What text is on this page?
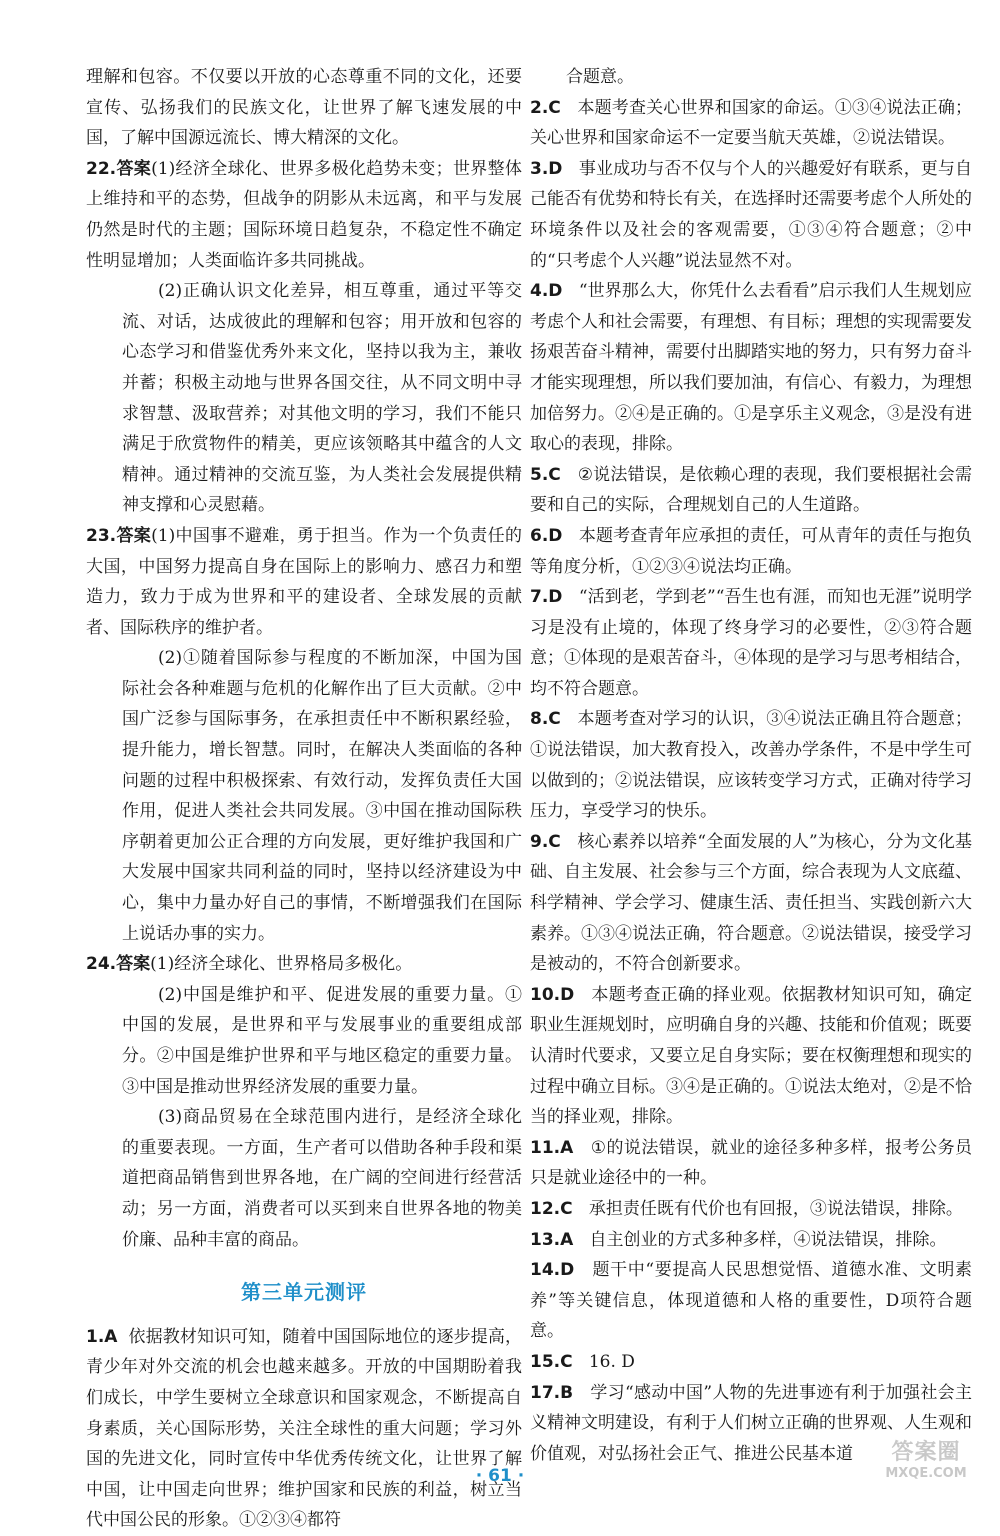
理解和包容。不仅要以开放的心态尊重不同的文化，还要宣传、弘扬我们的民族文化，让世界了解飞速发展的中国，了解中国源远流长、博大精深的文化。

22.答案(1)经济全球化、世界多极化趋势未变；世界整体上维持和平的态势，但战争的阴影从未远离，和平与发展仍然是时代的主题；国际环境日趋复杂，不稳定性不确定性明显增加；人类面临许多共同挑战。

(2)正确认识文化差异，相互尊重，通过平等交流、对话，达成彼此的理解和包容；用开放和包容的心态学习和借鉴优秀外来文化，坚持以我为主，兼收并蓄；积极主动地与世界各国交往，从不同文明中寻求智慧、汲取营养；对其他文明的学习，我们不能只满足于欣赏物件的精美，更应该领略其中蕴含的人文精神。通过精神的交流互鉴，为人类社会发展提供精神支撑和心灵慰藉。

23.答案(1)中国事不避难，勇于担当。作为一个负责任的大国，中国努力提高自身在国际上的影响力、感召力和塑造力，致力于成为世界和平的建设者、全球发展的贡献者、国际秩序的维护者。

(2)①随着国际参与程度的不断加深，中国为国际社会各种难题与危机的化解作出了巨大贡献。②中国广泛参与国际事务，在承担责任中不断积累经验，提升能力，增长智慧。同时，在解决人类面临的各种问题的过程中积极探索、有效行动，发挥负责任大国作用，促进人类社会共同发展。③中国在推动国际秩序朝着更加公正合理的方向发展，更好维护我国和广大发展中国家共同利益的同时，坚持以经济建设为中心，集中力量办好自己的事情，不断增强我们在国际上说话办事的实力。

24.答案(1)经济全球化、世界格局多极化。

(2)中国是维护和平、促进发展的重要力量。①中国的发展，是世界和平与发展事业的重要组成部分。②中国是维护世界和平与地区稳定的重要力量。③中国是推动世界经济发展的重要力量。

(3)商品贸易在全球范围内进行，是经济全球化的重要表现。一方面，生产者可以借助各种手段和渠道把商品销售到世界各地，在广阔的空间进行经营活动；另一方面，消费者可以买到来自世界各地的物美价廉、品种丰富的商品。

第三单元测评

1.A 依据教材知识可知，随着中国国际地位的逐步提高，青少年对外交流的机会也越来越多。开放的中国期盼着我们成长，中学生要树立全球意识和国家观念，不断提高自身素质，关心国际形势，关注全球性的重大问题；学习外国的先进文化，同时宣传中华优秀传统文化，让世界了解中国，让中国走向世界；维护国家和民族的利益，树立当代中国公民的形象。①②③④都符

合题意。

2.C 本题考查关心世界和国家的命运。①③④说法正确；关心世界和国家命运不一定要当航天英雄，②说法错误。

3.D 事业成功与否不仅与个人的兴趣爱好有联系，更与自己能否有优势和特长有关，在选择时还需要考虑个人所处的环境条件以及社会的客观需要，①③④符合题意；②中的“只考虑个人兴趣”说法显然不对。

4.D “世界那么大，你凭什么去看看”启示我们人生规划应考虑个人和社会需要，有理想、有目标；理想的实现需要发扬艰苦奋斗精神，需要付出脚踏实地的努力，只有努力奋斗才能实现理想，所以我们要加油，有信心、有毅力，为理想加倍努力。②④是正确的。①是享乐主义观念，③是没有进取心的表现，排除。

5.C ②说法错误，是依赖心理的表现，我们要根据社会需要和自己的实际，合理规划自己的人生道路。

6.D 本题考查青年应承担的责任，可从青年的责任与抱负等角度分析，①②③④说法均正确。

7.D “活到老，学到老”“吾生也有涯，而知也无涯”说明学习是没有止境的，体现了终身学习的必要性，②③符合题意；①体现的是艰苦奋斗，④体现的是学习与思考相结合，均不符合题意。

8.C 本题考查对学习的认识，③④说法正确且符合题意；①说法错误，加大教育投入，改善办学条件，不是中学生可以做到的；②说法错误，应该转变学习方式，正确对待学习压力，享受学习的快乐。

9.C 核心素养以培养“全面发展的人”为核心，分为文化基础、自主发展、社会参与三个方面，综合表现为人文底蕴、科学精神、学会学习、健康生活、责任担当、实践创新六大素养。①③④说法正确，符合题意。②说法错误，接受学习是被动的，不符合创新要求。

10.D 本题考查正确的择业观。依据教材知识可知，确定职业生涯规划时，应明确自身的兴趣、技能和价值观；既要认清时代要求，又要立足自身实际；要在权衡理想和现实的过程中确立目标。③④是正确的。①说法太绝对，②是不恰当的择业观，排除。

11.A ①的说法错误，就业的途径多种多样，报考公务员只是就业途径中的一种。

12.C 承担责任既有代价也有回报，③说法错误，排除。

13.A 自主创业的方式多种多样，④说法错误，排除。

14.D 题干中“要提高人民思想觉悟、道德水准、文明素养”等关键信息，体现道德和人格的重要性，D项符合题意。

15.C 16. D

17.B 学习“感动中国”人物的先进事迹有利于加强社会主义精神文明建设，有利于人们树立正确的世界观、人生观和价值观，对弘扬社会正气、推进公民基本道

· 61 ·
答案圈
MXQE.COM
